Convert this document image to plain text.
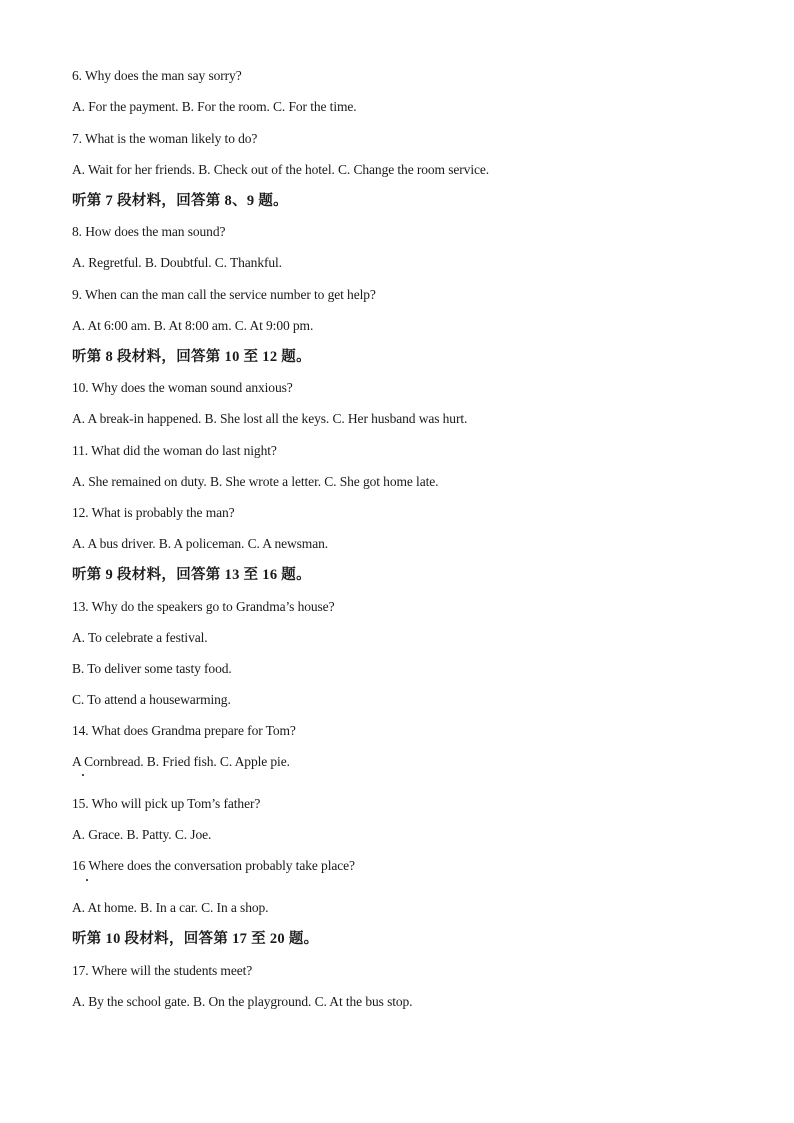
6. Why does the man say sorry?
A. For the payment. B. For the room. C. For the time.
7. What is the woman likely to do?
A. Wait for her friends. B. Check out of the hotel. C. Change the room service.
听第 7 段材料，回答第 8、9 题。
8. How does the man sound?
A. Regretful. B. Doubtful. C. Thankful.
9. When can the man call the service number to get help?
A. At 6:00 am. B. At 8:00 am. C. At 9:00 pm.
听第 8 段材料，回答第 10 至 12 题。
10. Why does the woman sound anxious?
A. A break-in happened. B. She lost all the keys. C. Her husband was hurt.
11. What did the woman do last night?
A. She remained on duty. B. She wrote a letter. C. She got home late.
12. What is probably the man?
A. A bus driver. B. A policeman. C. A newsman.
听第 9 段材料，回答第 13 至 16 题。
13. Why do the speakers go to Grandma’s house?
A. To celebrate a festival.
B. To deliver some tasty food.
C. To attend a housewarming.
14. What does Grandma prepare for Tom?
A Cornbread. B. Fried fish. C. Apple pie.
15. Who will pick up Tom’s father?
A. Grace. B. Patty. C. Joe.
16 Where does the conversation probably take place?
A. At home. B. In a car. C. In a shop.
听第 10 段材料，回答第 17 至 20 题。
17. Where will the students meet?
A. By the school gate. B. On the playground. C. At the bus stop.
